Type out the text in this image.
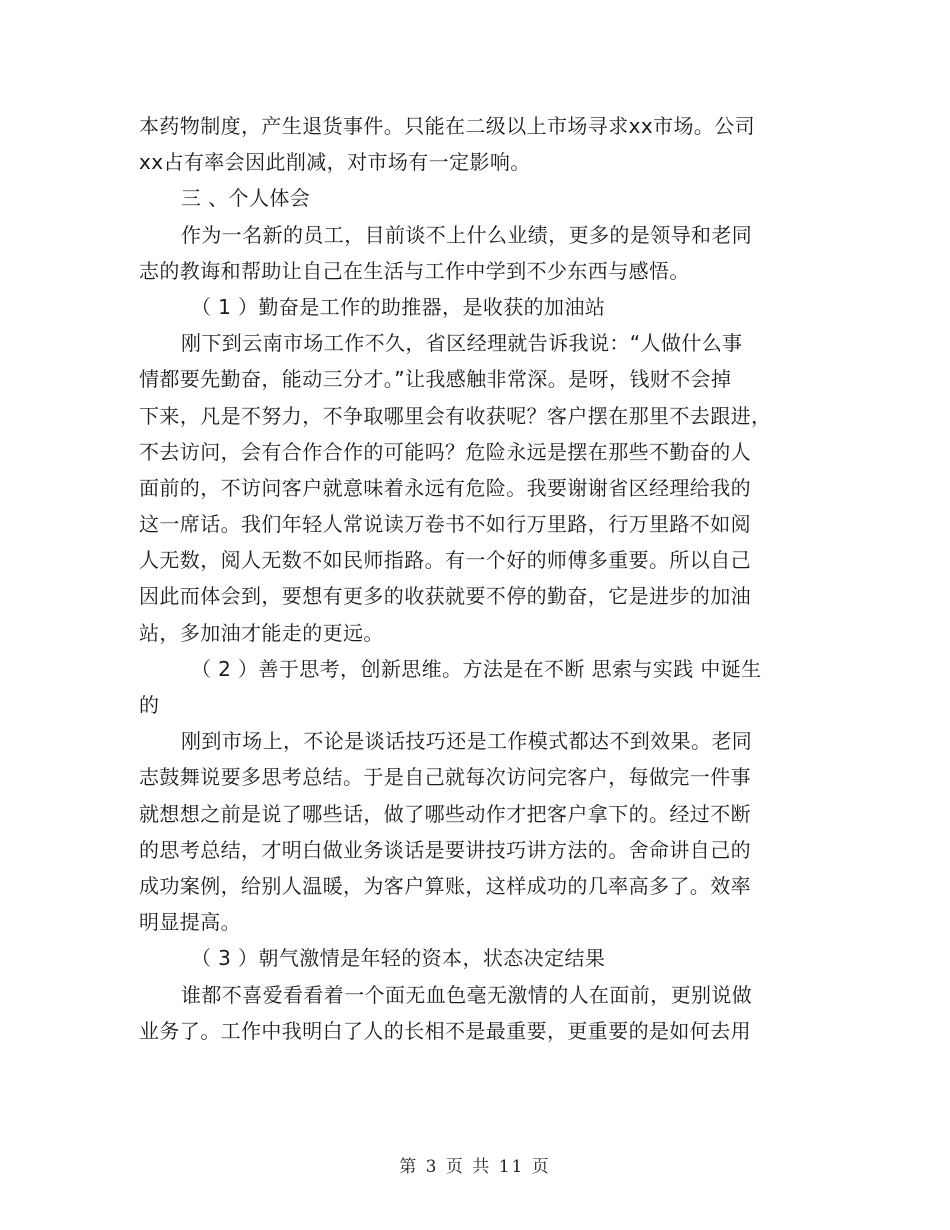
本药物制度，产生退货事件。只能在二级以上市场寻求xx市场。公司
xx占有率会因此削减，对市场有一定影响。
三 、个人体会
作为一名新的员工，目前谈不上什么业绩，更多的是领导和老同
志的教诲和帮助让自己在生活与工作中学到不少东西与感悟。
（ 1 ）勤奋是工作的助推器，是收获的加油站
刚下到云南市场工作不久，省区经理就告诉我说：“人做什么事
情都要先勤奋，能动三分才。”让我感触非常深。是呀，钱财不会掉
下来，凡是不努力，不争取哪里会有收获呢？客户摆在那里不去跟进，
不去访问，会有合作合作的可能吗？危险永远是摆在那些不勤奋的人
面前的，不访问客户就意味着永远有危险。我要谢谢省区经理给我的
这一席话。我们年轻人常说读万卷书不如行万里路，行万里路不如阅
人无数，阅人无数不如民师指路。有一个好的师傅多重要。所以自己
因此而体会到，要想有更多的收获就要不停的勤奋，它是进步的加油
站，多加油才能走的更远。
（ 2 ）善于思考，创新思维。方法是在不断 思索与实践 中诞生
的
刚到市场上，不论是谈话技巧还是工作模式都达不到效果。老同
志鼓舞说要多思考总结。于是自己就每次访问完客户，每做完一件事
就想想之前是说了哪些话，做了哪些动作才把客户拿下的。经过不断
的思考总结，才明白做业务谈话是要讲技巧讲方法的。舍命讲自己的
成功案例，给别人温暖，为客户算账，这样成功的几率高多了。效率
明显提高。
（ 3 ）朝气激情是年轻的资本，状态决定结果
谁都不喜爱看看着一个面无血色毫无激情的人在面前，更别说做
业务了。工作中我明白了人的长相不是最重要，更重要的是如何去用
第 3 页 共 11 页
